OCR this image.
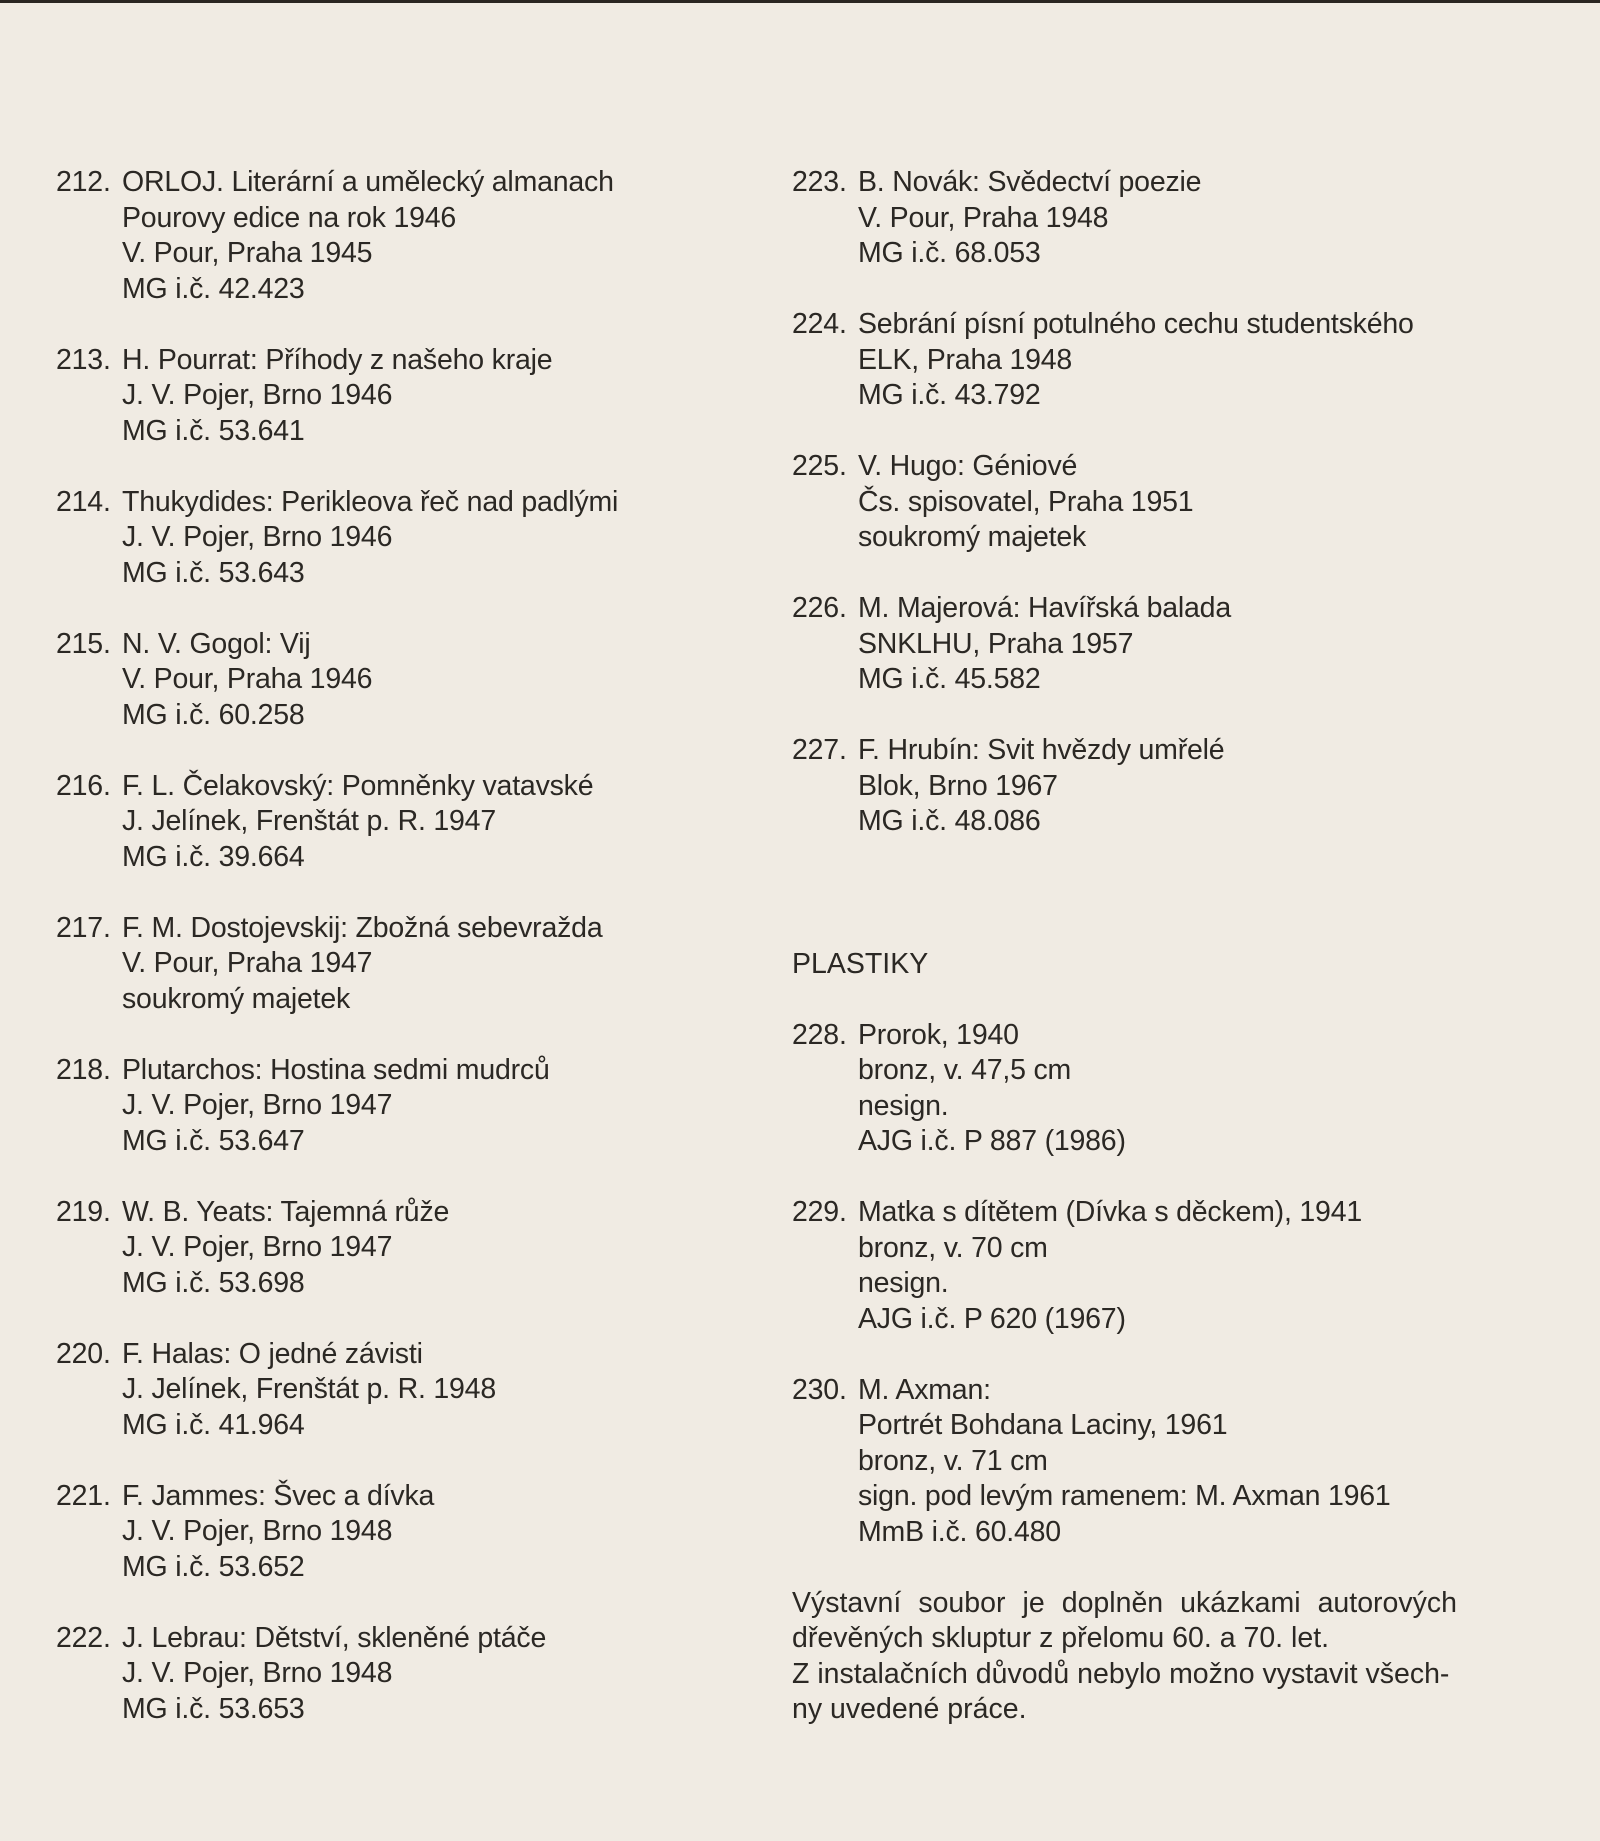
212. ORLOJ. Literární a umělecký almanach
Pourovy edice na rok 1946
V. Pour, Praha 1945
MG i.č. 42.423
213. H. Pourrat: Příhody z našeho kraje
J. V. Pojer, Brno 1946
MG i.č. 53.641
214. Thukydides: Perikleova řeč nad padlými
J. V. Pojer, Brno 1946
MG i.č. 53.643
215. N. V. Gogol: Vij
V. Pour, Praha 1946
MG i.č. 60.258
216. F. L. Čelakovský: Pomněnky vatavské
J. Jelínek, Frenštát p. R. 1947
MG i.č. 39.664
217. F. M. Dostojevskij: Zbožná sebevražda
V. Pour, Praha 1947
soukromý majetek
218. Plutarchos: Hostina sedmi mudrců
J. V. Pojer, Brno 1947
MG i.č. 53.647
219. W. B. Yeats: Tajemná růže
J. V. Pojer, Brno 1947
MG i.č. 53.698
220. F. Halas: O jedné závisti
J. Jelínek, Frenštát p. R. 1948
MG i.č. 41.964
221. F. Jammes: Švec a dívka
J. V. Pojer, Brno 1948
MG i.č. 53.652
222. J. Lebrau: Dětství, skleněné ptáče
J. V. Pojer, Brno 1948
MG i.č. 53.653
223. B. Novák: Svědectví poezie
V. Pour, Praha 1948
MG i.č. 68.053
224. Sebrání písní potulného cechu studentského
ELK, Praha 1948
MG i.č. 43.792
225. V. Hugo: Géniové
Čs. spisovatel, Praha 1951
soukromý majetek
226. M. Majerová: Havířská balada
SNKLHU, Praha 1957
MG i.č. 45.582
227. F. Hrubín: Svit hvězdy umřelé
Blok, Brno 1967
MG i.č. 48.086
PLASTIKY
228. Prorok, 1940
bronz, v. 47,5 cm
nesign.
AJG i.č. P 887 (1986)
229. Matka s dítětem (Dívka s děckem), 1941
bronz, v. 70 cm
nesign.
AJG i.č. P 620 (1967)
230. M. Axman:
Portrét Bohdana Laciny, 1961
bronz, v. 71 cm
sign. pod levým ramenem: M. Axman 1961
MmB i.č. 60.480
Výstavní soubor je doplněn ukázkami autorových
dřevěných skluptur z přelomu 60. a 70. let.
Z instalačních důvodů nebylo možno vystavit všech-
ny uvedené práce.
